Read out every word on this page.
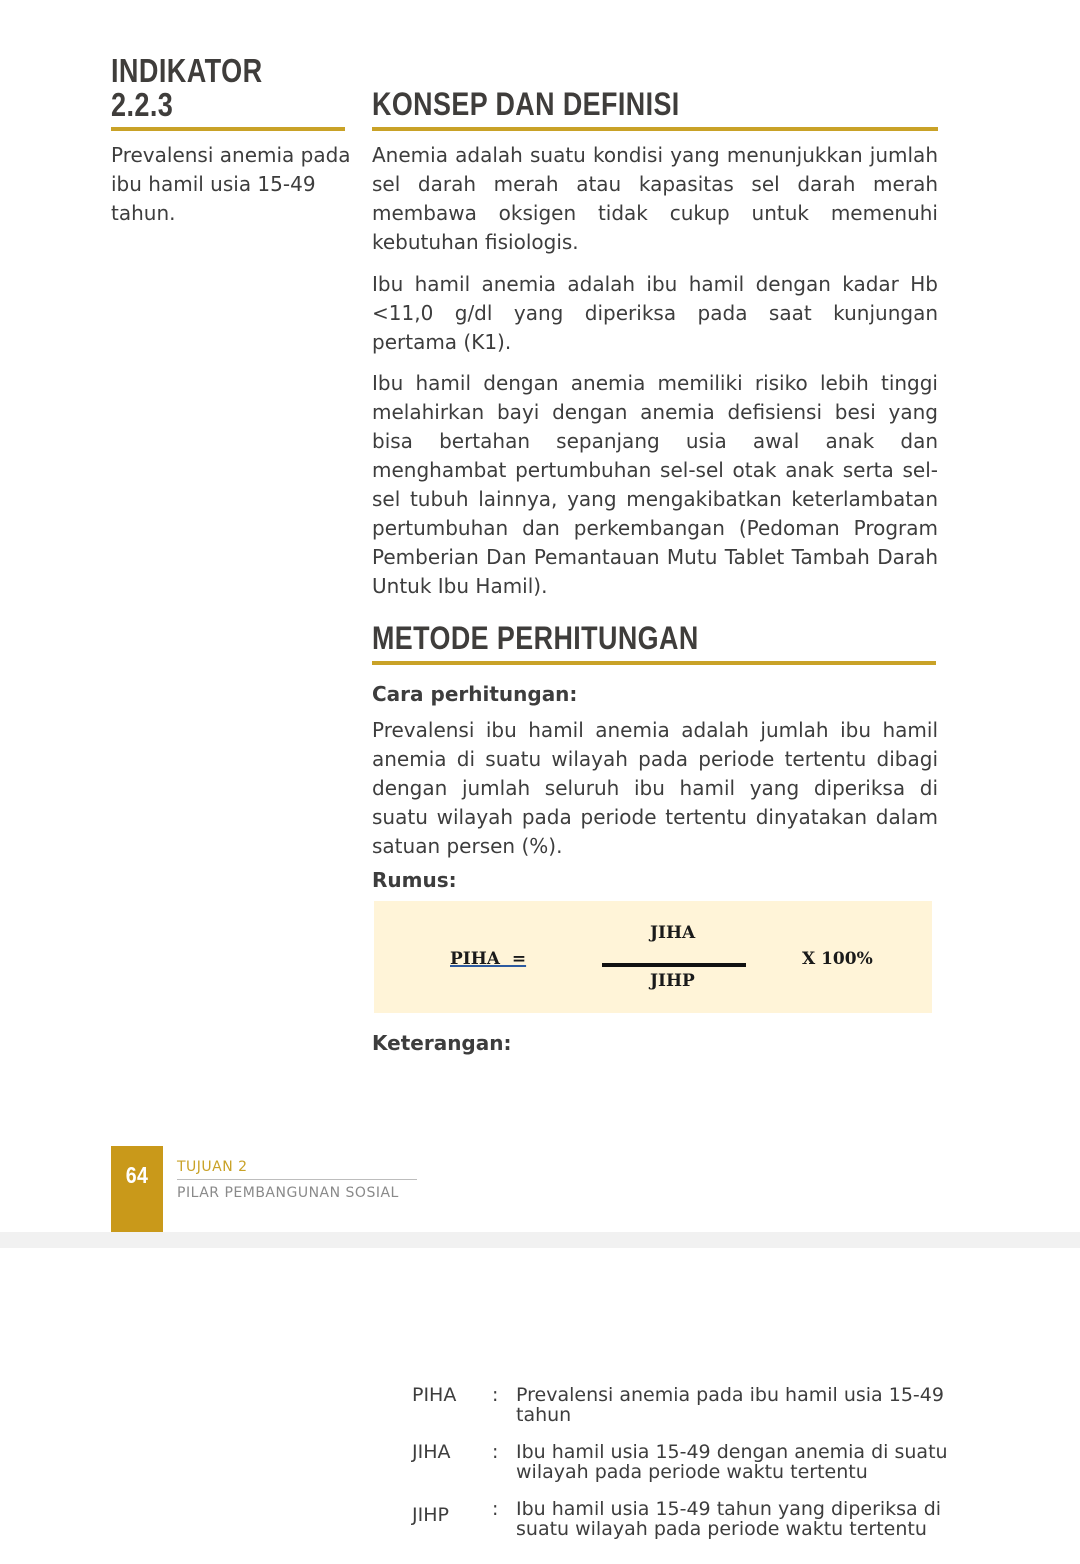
INDIKATOR
2.2.3
Prevalensi anemia pada ibu hamil usia 15-49 tahun.
KONSEP DAN DEFINISI
Anemia adalah suatu kondisi yang menunjukkan jumlah sel darah merah atau kapasitas sel darah merah membawa oksigen tidak cukup untuk memenuhi kebutuhan fisiologis.
Ibu hamil anemia adalah ibu hamil dengan kadar Hb <11,0 g/dl yang diperiksa pada saat kunjungan pertama (K1).
Ibu hamil dengan anemia memiliki risiko lebih tinggi melahirkan bayi dengan anemia defisiensi besi yang bisa bertahan sepanjang usia awal anak dan menghambat pertumbuhan sel-sel otak anak serta sel-sel tubuh lainnya, yang mengakibatkan keterlambatan pertumbuhan dan perkembangan (Pedoman Program Pemberian Dan Pemantauan Mutu Tablet Tambah Darah Untuk Ibu Hamil).
METODE PERHITUNGAN
Cara perhitungan:
Prevalensi ibu hamil anemia adalah jumlah ibu hamil anemia di suatu wilayah pada periode tertentu dibagi dengan jumlah seluruh ibu hamil yang diperiksa di suatu wilayah pada periode tertentu dinyatakan dalam satuan persen (%).
Rumus:
PIHA  =
JIHA
JIHP
X 100%
Keterangan:
64	TUJUAN 2
PILAR PEMBANGUNAN SOSIAL
PIHA : Prevalensi anemia pada ibu hamil usia 15-49 tahun
JIHA : Ibu hamil usia 15-49 dengan anemia di suatu wilayah pada periode waktu tertentu
JIHP : Ibu hamil usia 15-49 tahun yang diperiksa di suatu wilayah pada periode waktu tertentu
